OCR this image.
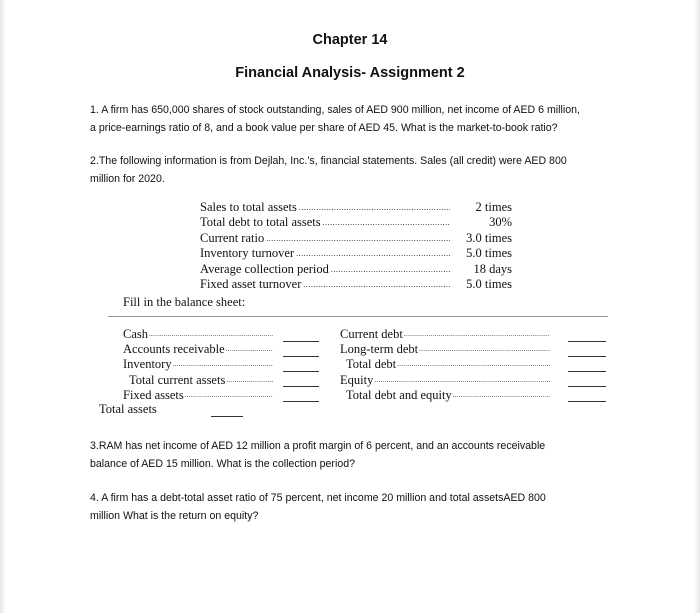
Chapter 14
Financial Analysis- Assignment 2
1. A firm has 650,000 shares of stock outstanding, sales of AED 900 million, net income of AED 6 million,
a price-earnings ratio of 8, and a book value per share of AED 45. What is the market-to-book ratio?
2.The following information is from Dejlah, Inc.’s, financial statements. Sales (all credit) were AED 800
million for 2020.
Sales to total assets .....	2 times
Total debt to total assets .....	30%
Current ratio .....	3.0 times
Inventory turnover .....	5.0 times
Average collection period .....	18 days
Fixed asset turnover .....	5.0 times
Fill in the balance sheet:
Cash
.....
Accounts receivable
.....
Inventory
.....
Total current assets
.....
Fixed assets
.....
Current debt
.....
Long-term debt
.....
Total debt
.....
Equity
.....
Total debt and equity
.....
Total assets
3.RAM has net income of AED 12 million a profit margin of 6 percent, and an accounts receivable
balance of AED 15 million. What is the collection period?
4. A firm has a debt-total asset ratio of 75 percent, net income 20 million and total assetsAED 800
million What is the return on equity?
